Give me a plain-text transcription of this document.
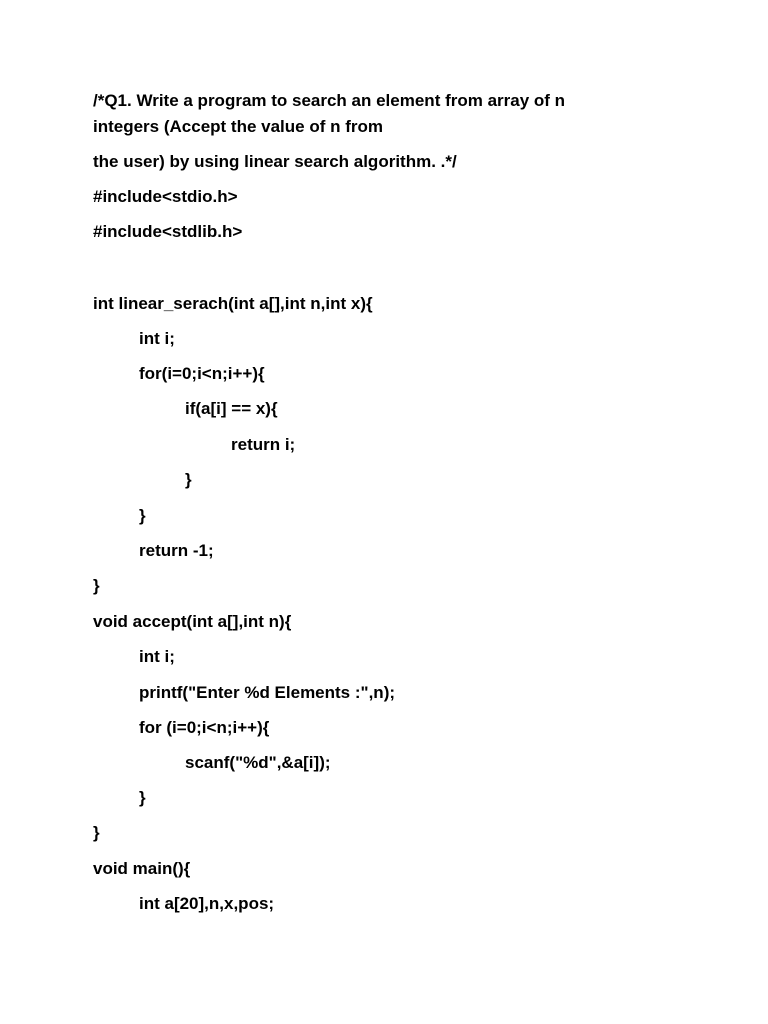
/*Q1. Write a program to search an element from array of n
integers (Accept the value of n from
the user) by using linear search algorithm. .*/
#include<stdio.h>
#include<stdlib.h>
int linear_serach(int a[],int n,int x){
int i;
for(i=0;i<n;i++){
if(a[i] == x){
return i;
}
}
return -1;
}
void accept(int a[],int n){
int i;
printf("Enter %d Elements :",n);
for (i=0;i<n;i++){
scanf("%d",&a[i]);
}
}
void main(){
int a[20],n,x,pos;
